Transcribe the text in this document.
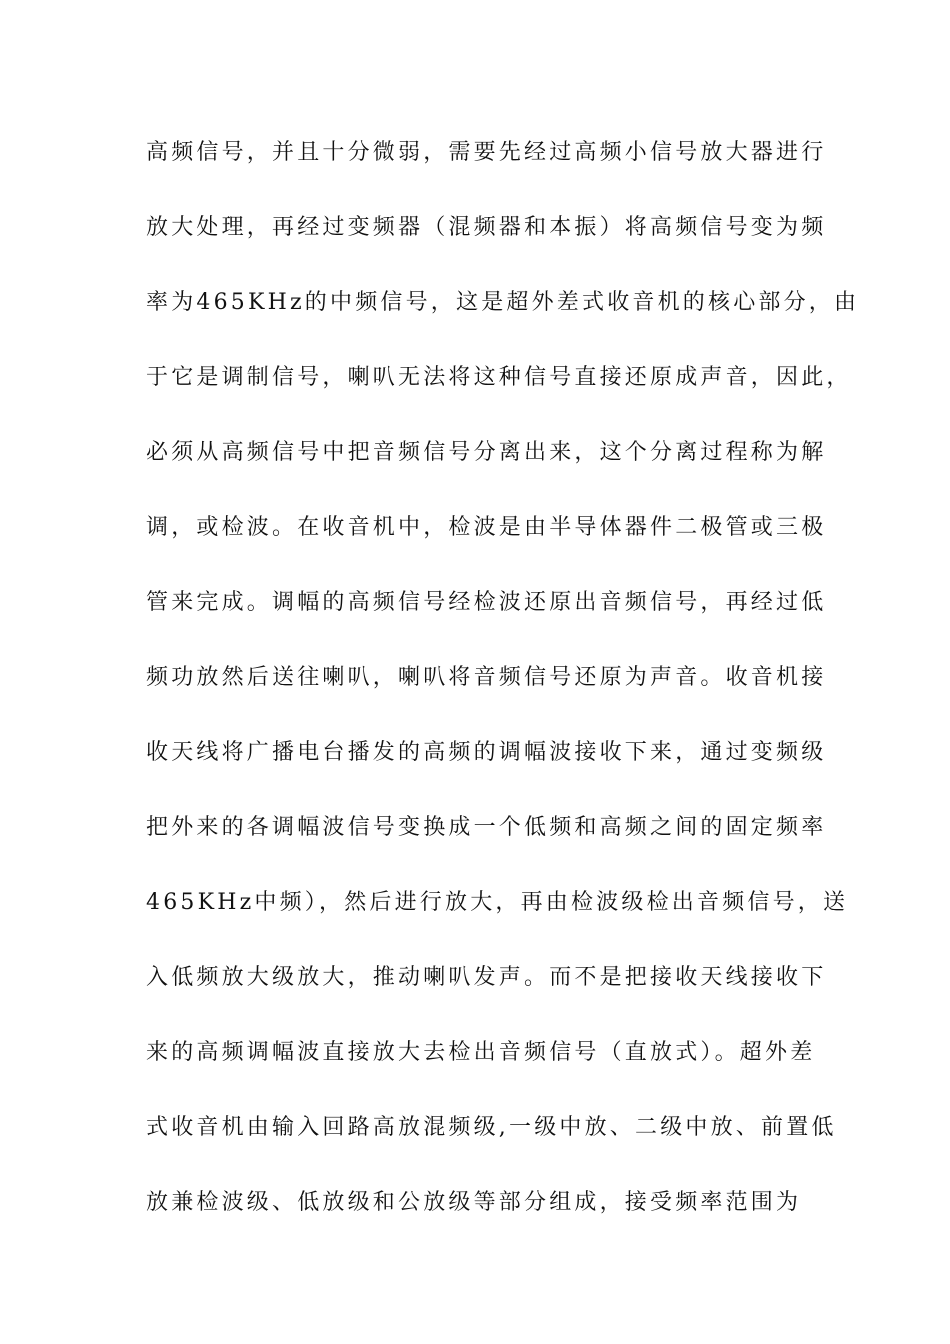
高频信号，并且十分微弱，需要先经过高频小信号放大器进行
放大处理，再经过变频器（混频器和本振）将高频信号变为频
率为465KHz的中频信号，这是超外差式收音机的核心部分，由
于它是调制信号，喇叭无法将这种信号直接还原成声音，因此，
必须从高频信号中把音频信号分离出来，这个分离过程称为解
调，或检波。在收音机中，检波是由半导体器件二极管或三极
管来完成。调幅的高频信号经检波还原出音频信号，再经过低
频功放然后送往喇叭，喇叭将音频信号还原为声音。收音机接
收天线将广播电台播发的高频的调幅波接收下来，通过变频级
把外来的各调幅波信号变换成一个低频和高频之间的固定频率
465KHz中频），然后进行放大，再由检波级检出音频信号，送
入低频放大级放大，推动喇叭发声。而不是把接收天线接收下
来的高频调幅波直接放大去检出音频信号（直放式）。超外差
式收音机由输入回路高放混频级,一级中放、二级中放、前置低
放兼检波级、低放级和公放级等部分组成，接受频率范围为
